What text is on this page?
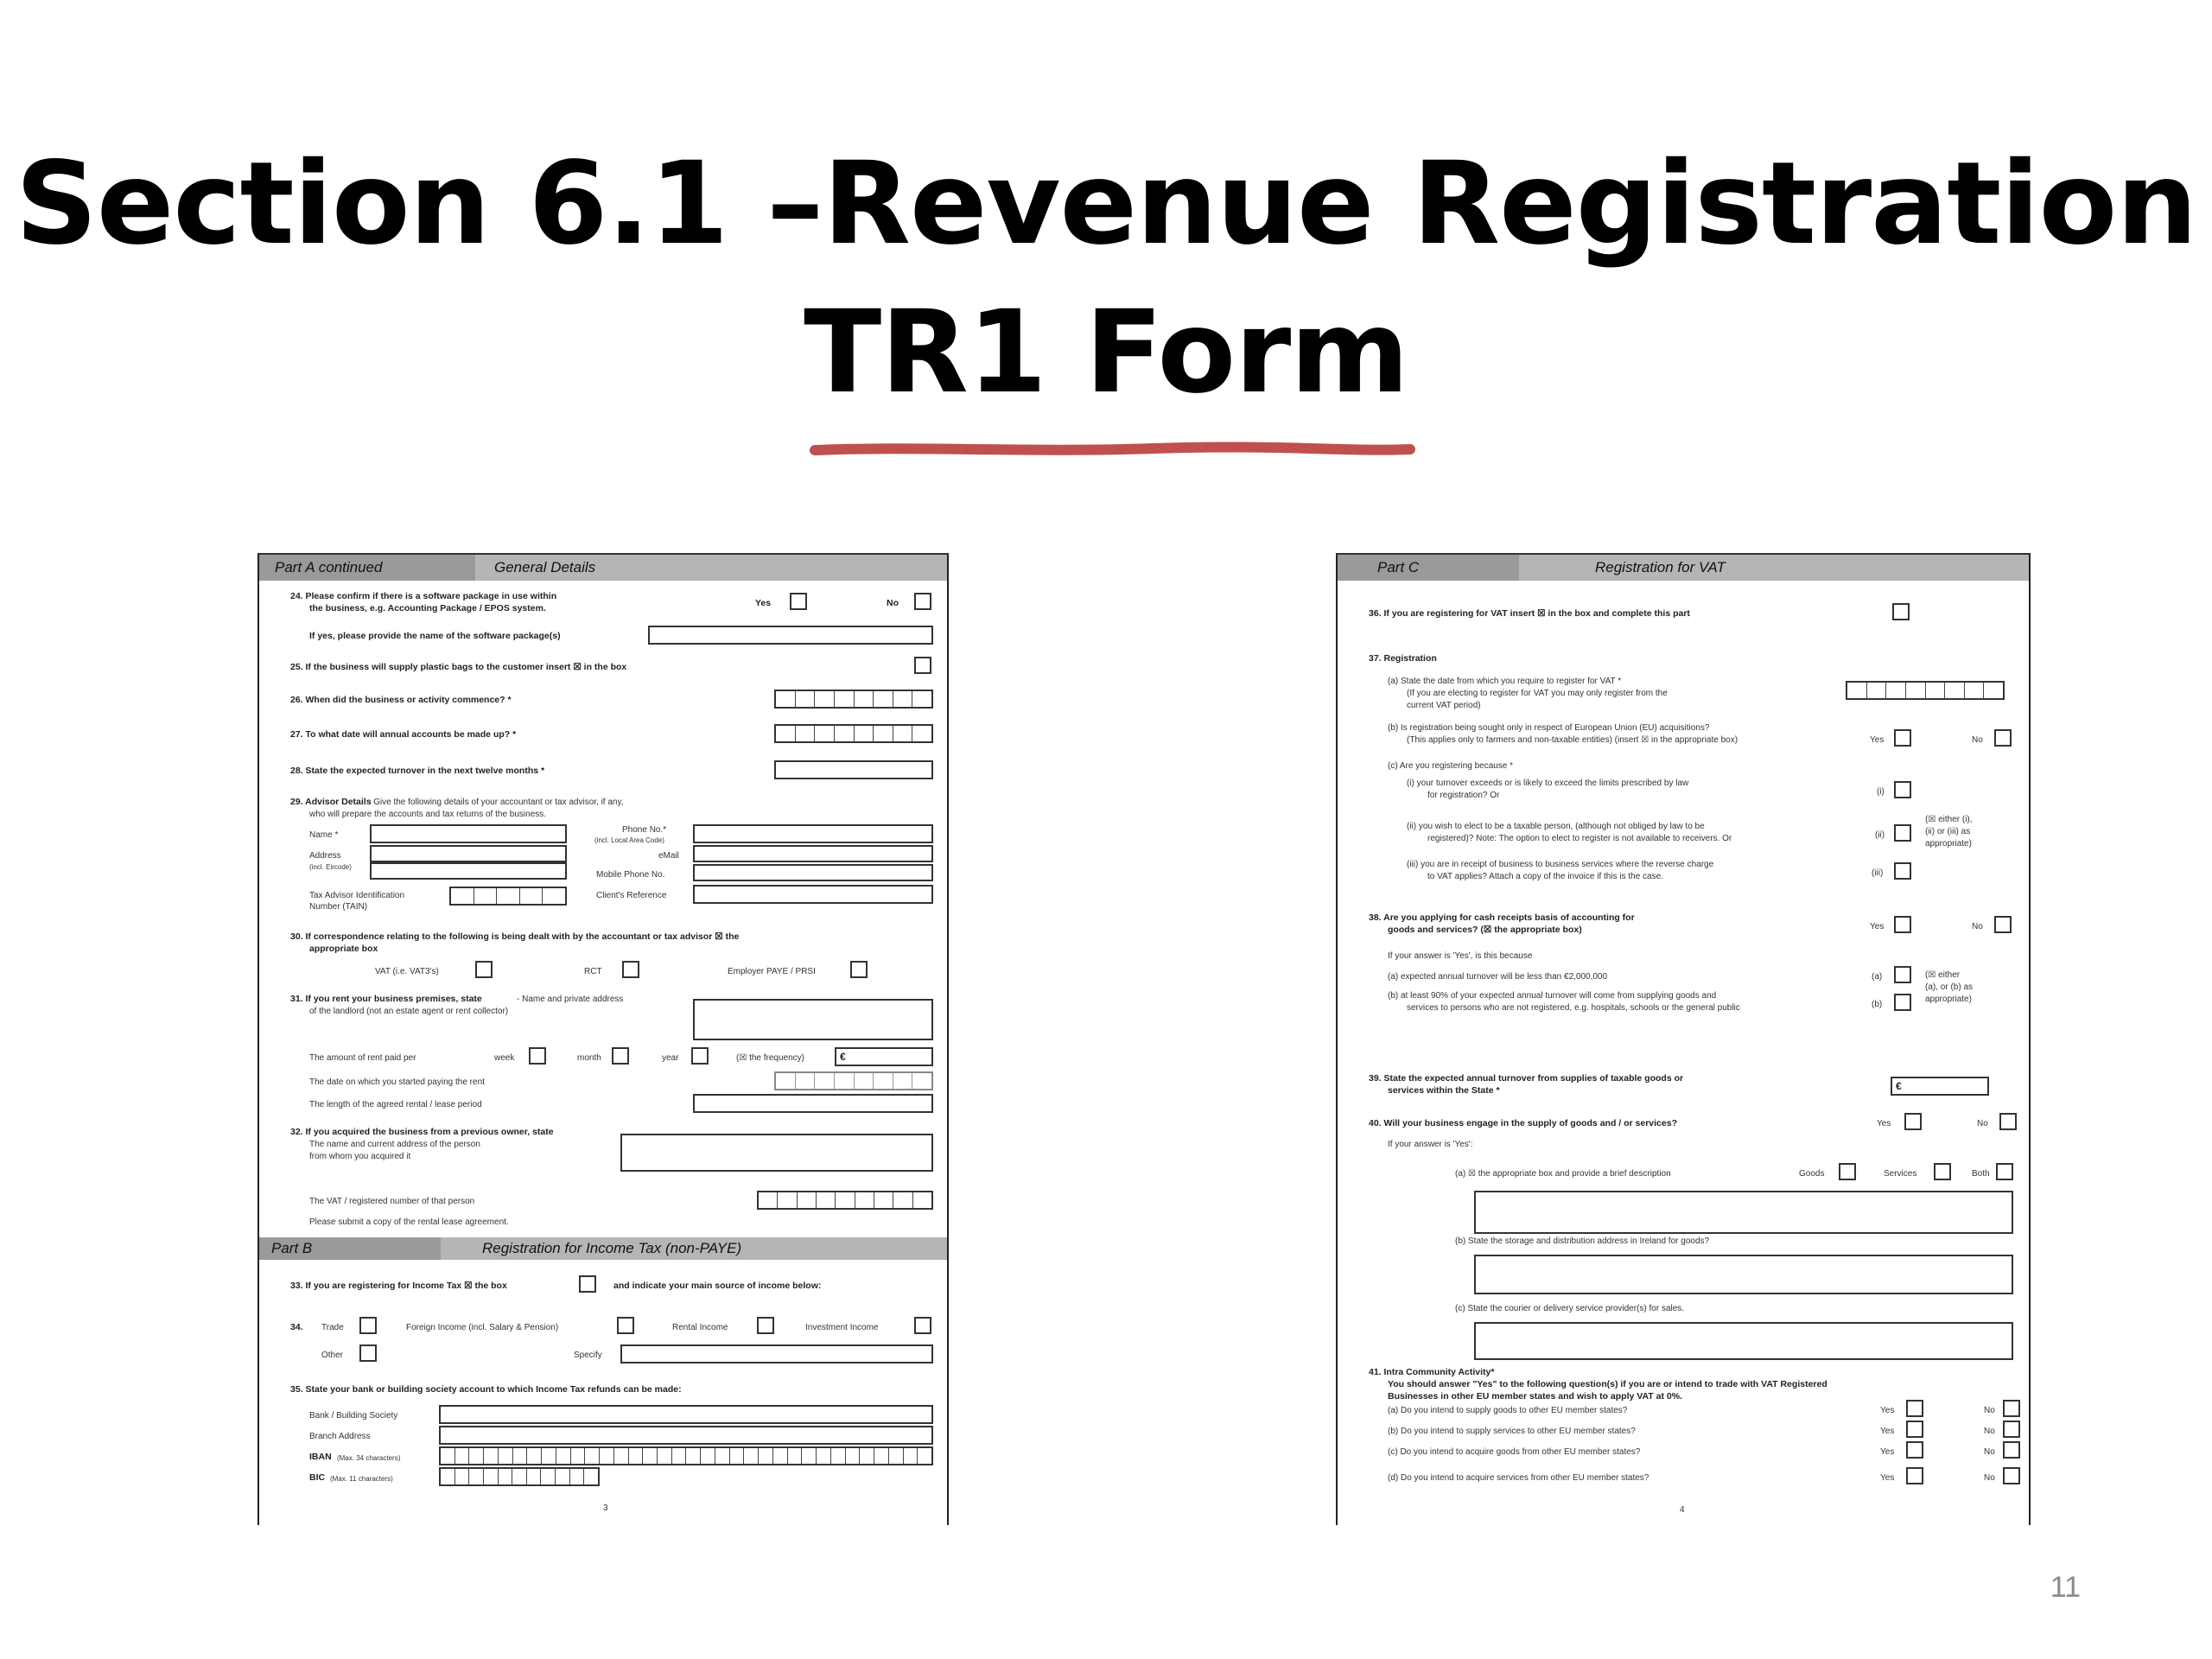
Section 6.1 –Revenue Registration
TR1 Form
Part A continued	General Details
24. Please confirm if there is a software package in use within
the business, e.g. Accounting Package / EPOS system.	Yes	No
If yes, please provide the name of the software package(s)
25. If the business will supply plastic bags to the customer insert ☒ in the box
26. When did the business or activity commence? *
27. To what date will annual accounts be made up? *
28. State the expected turnover in the next twelve months *
29. Advisor Details
- Give the following details of your accountant or tax advisor, if any,
who will prepare the accounts and tax returns of the business.
Name *
Address
(incl. Eircode)
Phone No.*
(incl. Local Area Code)
eMail
Mobile Phone No.
Tax Advisor Identification
Number (TAIN)
Client's Reference
30. If correspondence relating to the following is being dealt with by the accountant or tax advisor ☒ the
appropriate box
VAT (i.e. VAT3's)	RCT	Employer PAYE / PRSI
31. If you rent your business premises, state	- Name and private address
of the landlord (not an estate agent or rent collector)
The amount of rent paid per	week	month	year	(☒ the frequency)	€
The date on which you started paying the rent
The length of the agreed rental / lease period
32. If you acquired the business from a previous owner, state
The name and current address of the person
from whom you acquired it
The VAT / registered number of that person
Please submit a copy of the rental lease agreement.
Part B	Registration for Income Tax (non-PAYE)
33. If you are registering for Income Tax ☒ the box	and indicate your main source of income below:
34. Trade	Foreign Income (incl. Salary & Pension)	Rental Income	Investment Income
Other	Specify
35. State your bank or building society account to which Income Tax refunds can be made:
Bank / Building Society
Branch Address
IBAN (Max. 34 characters)
BIC (Max. 11 characters)
3
Part C	Registration for VAT
36. If you are registering for VAT insert ☒ in the box and complete this part
37. Registration
(a) State the date from which you require to register for VAT *
(If you are electing to register for VAT you may only register from the
current VAT period)
(b) Is registration being sought only in respect of European Union (EU) acquisitions?
(This applies only to farmers and non-taxable entities) (insert ☒ in the appropriate box)	Yes	No
(c) Are you registering because *
(i) your turnover exceeds or is likely to exceed the limits prescribed by law
for registration? Or	(i)
(ii) you wish to elect to be a taxable person, (although not obliged by law to be
registered)? Note: The option to elect to register is not available to receivers. Or	(ii)
(☒ either (i),
(ii) or (iii) as
appropriate)
(iii) you are in receipt of business to business services where the reverse charge
to VAT applies? Attach a copy of the invoice if this is the case.	(iii)
38. Are you applying for cash receipts basis of accounting for
goods and services? (☒ the appropriate box)	Yes	No
If your answer is 'Yes', is this because
(a) expected annual turnover will be less than €2,000,000	(a)
(b) at least 90% of your expected annual turnover will come from supplying goods and
services to persons who are not registered, e.g. hospitals, schools or the general public	(b)
(☒ either
(a), or (b) as
appropriate)
39. State the expected annual turnover from supplies of taxable goods or
services within the State *	€
40. Will your business engage in the supply of goods and / or services?	Yes	No
If your answer is 'Yes':
(a) ☒ the appropriate box and provide a brief description	Goods	Services	Both
(b) State the storage and distribution address in Ireland for goods?
(c) State the courier or delivery service provider(s) for sales.
41. Intra Community Activity*
You should answer "Yes" to the following question(s) if you are or intend to trade with VAT Registered
Businesses in other EU member states and wish to apply VAT at 0%.
(a) Do you intend to supply goods to other EU member states?	Yes	No
(b) Do you intend to supply services to other EU member states?	Yes	No
(c) Do you intend to acquire goods from other EU member states?	Yes	No
(d) Do you intend to acquire services from other EU member states?	Yes	No
4
11
